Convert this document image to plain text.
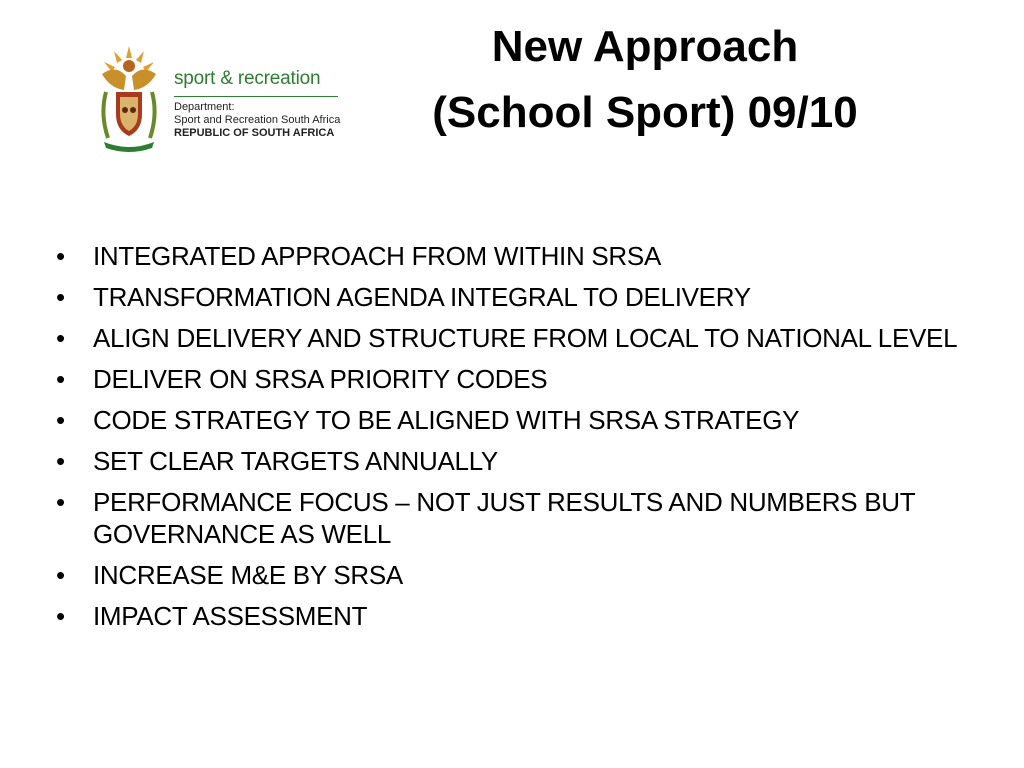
sport & recreation
Department:
Sport and Recreation South Africa
REPUBLIC OF SOUTH AFRICA
New Approach
(School Sport) 09/10
• INTEGRATED APPROACH FROM WITHIN SRSA
• TRANSFORMATION AGENDA INTEGRAL TO DELIVERY
• ALIGN DELIVERY AND STRUCTURE FROM LOCAL TO NATIONAL LEVEL
• DELIVER ON SRSA PRIORITY CODES
• CODE STRATEGY TO BE ALIGNED WITH SRSA STRATEGY
• SET CLEAR TARGETS ANNUALLY
• PERFORMANCE FOCUS – NOT JUST RESULTS AND NUMBERS BUT GOVERNANCE AS WELL
• INCREASE M&E BY SRSA
• IMPACT ASSESSMENT
